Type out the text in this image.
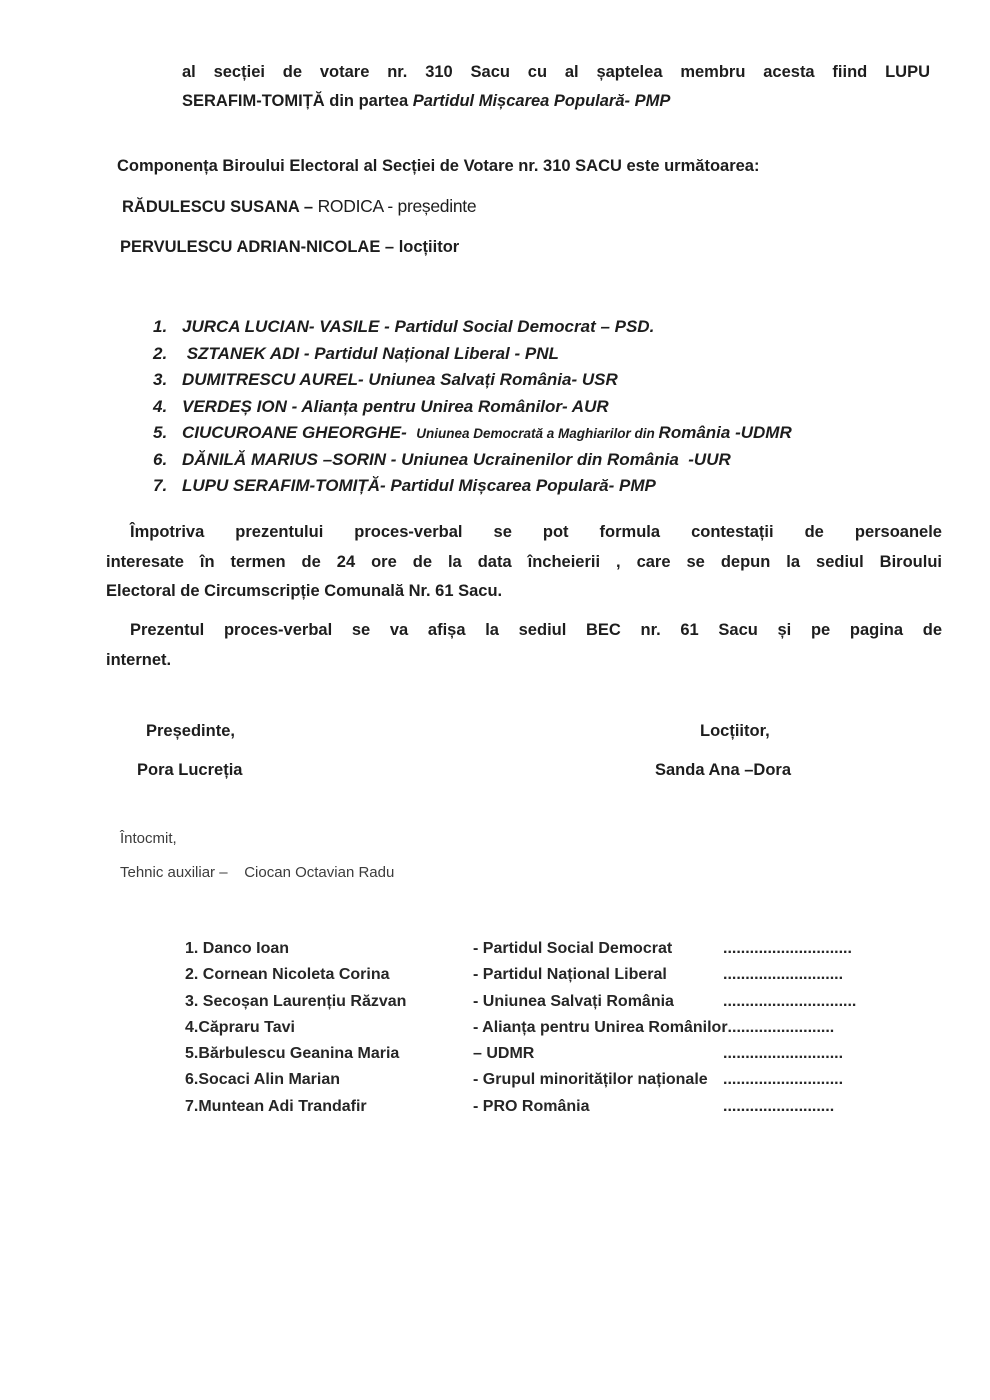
al secției de votare nr. 310 Sacu cu al șaptelea membru acesta fiind LUPU
SERAFIM-TOMIȚĂ din partea Partidul Mișcarea Populară- PMP
Componența Biroului Electoral al Secției de Votare nr. 310 SACU este următoarea:
RĂDULESCU SUSANA – RODICA - președinte
PERVULESCU ADRIAN-NICOLAE – locțiitor
1. JURCA LUCIAN- VASILE - Partidul Social Democrat – PSD.
2. SZTANEK ADI - Partidul Național Liberal - PNL
3. DUMITRESCU AUREL- Uniunea Salvați România- USR
4. VERDEȘ ION - Alianța pentru Unirea Românilor- AUR
5. CIUCUROANE GHEORGHE-  Uniunea Democrată a Maghiarilor din România -UDMR
6. DĂNILĂ MARIUS –SORIN - Uniunea Ucrainenilor din România  -UUR
7. LUPU SERAFIM-TOMIȚĂ- Partidul Mișcarea Populară- PMP
Împotriva prezentului proces-verbal se pot formula contestații de persoanele
interesate în termen de 24 ore de la data încheierii , care se depun la sediul Biroului
Electoral de Circumscripție Comunală Nr. 61 Sacu.
Prezentul proces-verbal se va afișa la sediul BEC nr. 61 Sacu și pe pagina de
internet.
Președinte,
Pora Lucreția
Locțiitor,
Sanda Ana –Dora
Întocmit,
Tehnic auxiliar –    Ciocan Octavian Radu
1. Danco Ioan	- Partidul Social Democrat	.............................
2. Cornean Nicoleta Corina	- Partidul Național Liberal	...........................
3. Secoșan Laurențiu Răzvan	- Uniunea Salvați România	..............................
4.Căpraru Tavi	- Alianța pentru Unirea Românilor ........................
5.Bărbulescu Geanina Maria	– UDMR	...........................
6.Socaci Alin Marian	- Grupul minorităților naționale ...........................
7.Muntean Adi Trandafir	- PRO România	.........................
